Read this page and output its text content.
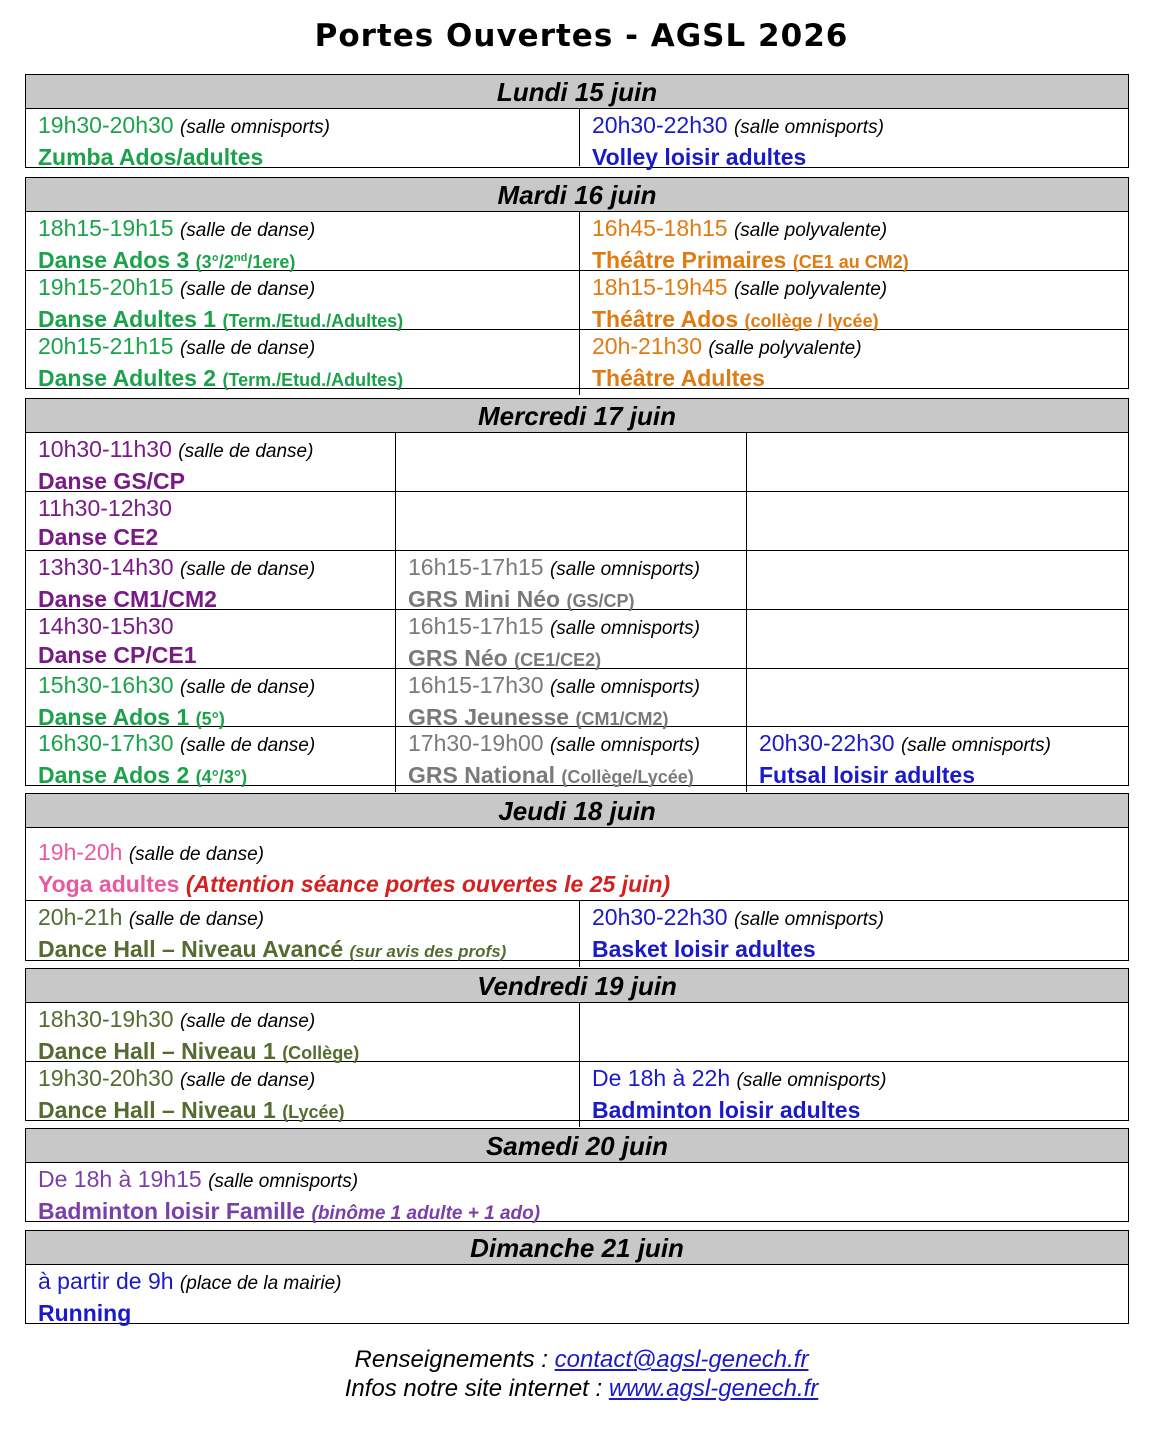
Portes Ouvertes - AGSL 2026
Lundi 15 juin
19h30-20h30 (salle omnisports)
Zumba Ados/adultes
20h30-22h30 (salle omnisports)
Volley loisir adultes
Mardi 16 juin
18h15-19h15 (salle de danse)
Danse Ados 3 (3°/2nd/1ere)
16h45-18h15 (salle polyvalente)
Théâtre Primaires (CE1 au CM2)
19h15-20h15 (salle de danse)
Danse Adultes 1 (Term./Etud./Adultes)
18h15-19h45 (salle polyvalente)
Théâtre Ados (collège / lycée)
20h15-21h15 (salle de danse)
Danse Adultes 2 (Term./Etud./Adultes)
20h-21h30 (salle polyvalente)
Théâtre Adultes
Mercredi 17 juin
10h30-11h30 (salle de danse)
Danse GS/CP
11h30-12h30
Danse CE2
13h30-14h30 (salle de danse)
Danse CM1/CM2
16h15-17h15 (salle omnisports)
GRS Mini Néo (GS/CP)
14h30-15h30
Danse CP/CE1
16h15-17h15 (salle omnisports)
GRS Néo (CE1/CE2)
15h30-16h30 (salle de danse)
Danse Ados 1 (5°)
16h15-17h30 (salle omnisports)
GRS Jeunesse (CM1/CM2)
16h30-17h30 (salle de danse)
Danse Ados 2 (4°/3°)
17h30-19h00 (salle omnisports)
GRS National (Collège/Lycée)
20h30-22h30 (salle omnisports)
Futsal loisir adultes
Jeudi 18 juin
19h-20h (salle de danse)
Yoga adultes (Attention séance portes ouvertes le 25 juin)
20h-21h (salle de danse)
Dance Hall – Niveau Avancé (sur avis des profs)
20h30-22h30 (salle omnisports)
Basket loisir adultes
Vendredi 19 juin
18h30-19h30 (salle de danse)
Dance Hall – Niveau 1 (Collège)
19h30-20h30 (salle de danse)
Dance Hall – Niveau 1 (Lycée)
De 18h à 22h (salle omnisports)
Badminton loisir adultes
Samedi 20 juin
De 18h à 19h15 (salle omnisports)
Badminton loisir Famille (binôme 1 adulte + 1 ado)
Dimanche 21 juin
à partir de 9h (place de la mairie)
Running
Renseignements : contact@agsl-genech.fr
Infos notre site internet : www.agsl-genech.fr
